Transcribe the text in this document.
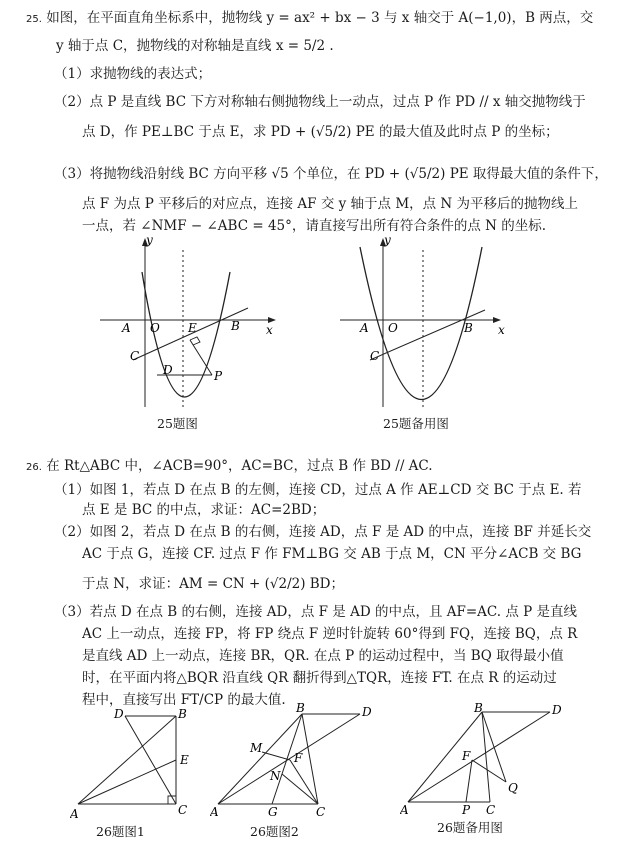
25. 如图，在平面直角坐标系中，抛物线 y = ax² + bx − 3 与 x 轴交于 A(−1,0)，B 两点，交
y 轴于点 C，抛物线的对称轴是直线 x = 5/2 .
（1）求抛物线的表达式；
（2）点 P 是直线 BC 下方对称轴右侧抛物线上一动点，过点 P 作 PD // x 轴交抛物线于
点 D，作 PE⊥BC 于点 E，求 PD + (√5/2) PE 的最大值及此时点 P 的坐标；
（3）将抛物线沿射线 BC 方向平移 √5 个单位，在 PD + (√5/2) PE 取得最大值的条件下，
点 F 为点 P 平移后的对应点，连接 AF 交 y 轴于点 M，点 N 为平移后的抛物线上
一点，若 ∠NMF − ∠ABC = 45°，请直接写出所有符合条件的点 N 的坐标.
y
x
A O E	B
C
D	P
25题图
y
x
A O	B
C
25题备用图
26. 在 Rt△ABC 中，∠ACB=90°，AC=BC，过点 B 作 BD // AC.
（1）如图 1，若点 D 在点 B 的左侧，连接 CD，过点 A 作 AE⊥CD 交 BC 于点 E. 若
点 E 是 BC 的中点，求证：AC=2BD；
（2）如图 2，若点 D 在点 B 的右侧，连接 AD，点 F 是 AD 的中点，连接 BF 并延长交
AC 于点 G，连接 CF. 过点 F 作 FM⊥BG 交 AB 于点 M，CN 平分∠ACB 交 BG
于点 N，求证：AM = CN + (√2/2) BD；
（3）若点 D 在点 B 的右侧，连接 AD，点 F 是 AD 的中点，且 AF=AC. 点 P 是直线
AC 上一动点，连接 FP，将 FP 绕点 F 逆时针旋转 60°得到 FQ，连接 BQ，点 R
是直线 AD 上一动点，连接 BR，QR. 在点 P 的运动过程中，当 BQ 取得最小值
时，在平面内将△BQR 沿直线 QR 翻折得到△TQR，连接 FT. 在点 R 的运动过
程中，直接写出 FT/CP 的最大值.
D	B
E
A	C
26题图1
B	D
M
F
N
A	G	C
26题图2
B	D
F
Q
A	P C
26题备用图
